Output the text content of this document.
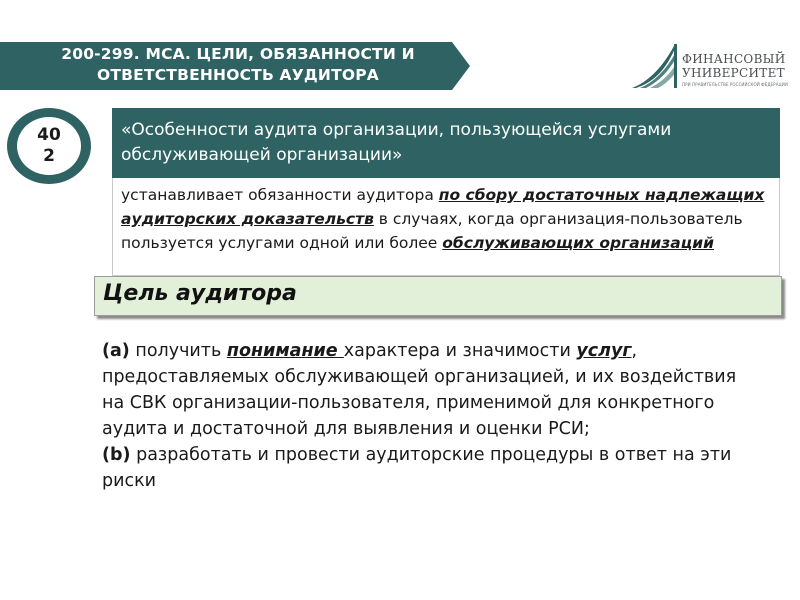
200-299. МСА. ЦЕЛИ, ОБЯЗАННОСТИ И
ОТВЕТСТВЕННОСТЬ АУДИТОРА
ФИНАНСОВЫЙ
УНИВЕРСИТЕТ
ПРИ ПРАВИТЕЛЬСТВЕ РОССИЙСКОЙ ФЕДЕРАЦИИ
40
2
«Особенности аудита организации, пользующейся услугами обслуживающей организации»
устанавливает обязанности аудитора по сбору достаточных надлежащих аудиторских доказательств в случаях, когда организация-пользователь пользуется услугами одной или более обслуживающих организаций
Цель аудитора
(a) получить понимание характера и значимости услуг, предоставляемых обслуживающей организацией, и их воздействия на СВК организации-пользователя, применимой для конкретного аудита и достаточной для выявления и оценки РСИ;
(b) разработать и провести аудиторские процедуры в ответ на эти риски
